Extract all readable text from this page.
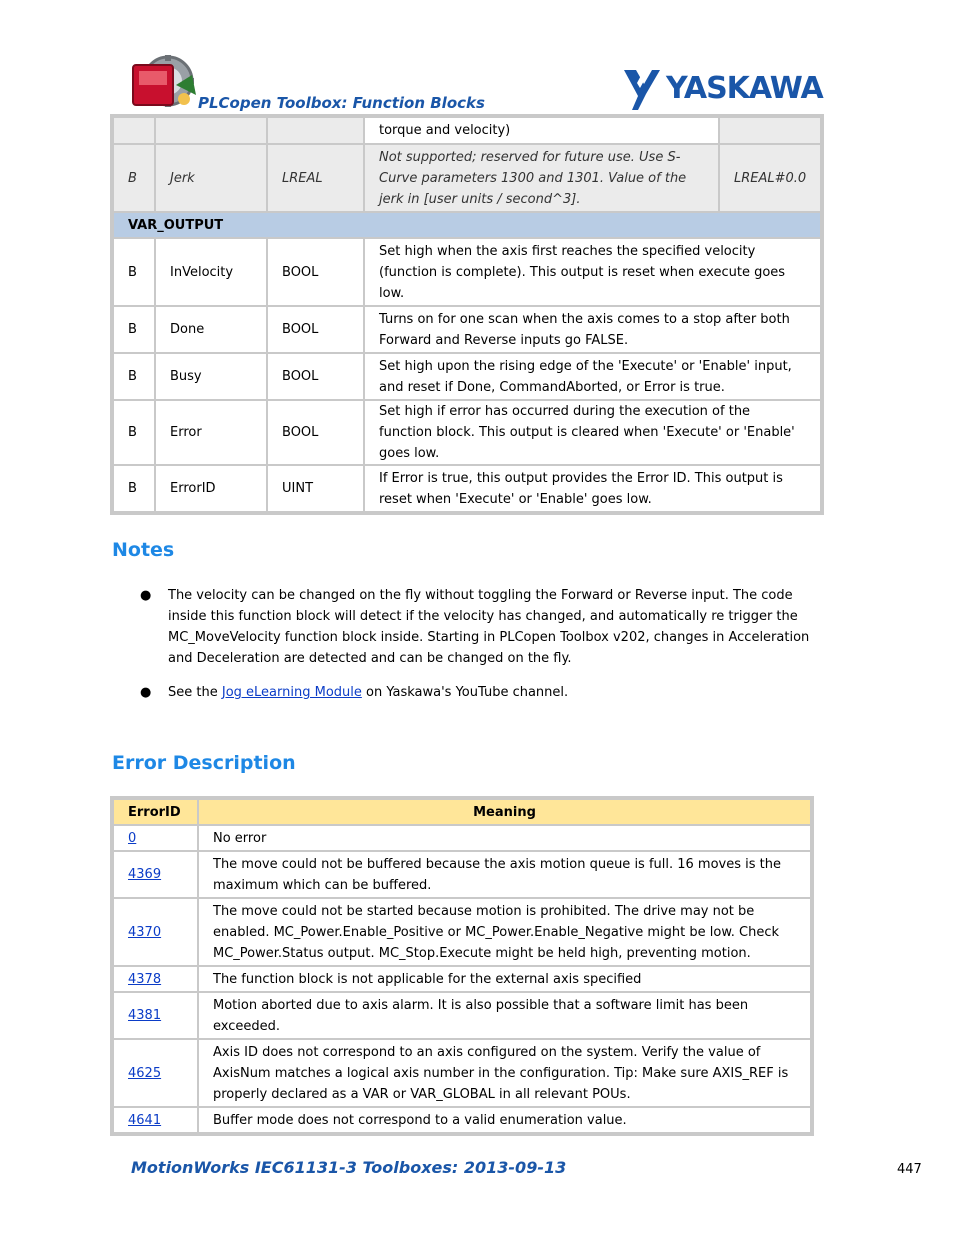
PLCopen Toolbox: Function Blocks	YASKAWA
			torque and velocity)	
B	Jerk	LREAL	Not supported; reserved for future use. Use S-Curve parameters 1300 and 1301. Value of the jerk in [user units / second^3].	LREAL#0.0
VAR_OUTPUT				
B	InVelocity	BOOL	Set high when the axis first reaches the specified velocity (function is complete). This output is reset when execute goes low.	
B	Done	BOOL	Turns on for one scan when the axis comes to a stop after both Forward and Reverse inputs go FALSE.	
B	Busy	BOOL	Set high upon the rising edge of the 'Execute' or 'Enable' input, and reset if Done, CommandAborted, or Error is true.	
B	Error	BOOL	Set high if error has occurred during the execution of the function block. This output is cleared when 'Execute' or 'Enable' goes low.	
B	ErrorID	UINT	If Error is true, this output provides the Error ID. This output is reset when 'Execute' or 'Enable' goes low.	
Notes

● The velocity can be changed on the fly without toggling the Forward or Reverse input. The code inside this function block will detect if the velocity has changed, and automatically re trigger the MC_MoveVelocity function block inside. Starting in PLCopen Toolbox v202, changes in Acceleration and Deceleration are detected and can be changed on the fly.

● See the Jog eLearning Module on Yaskawa's YouTube channel.

Error Description
ErrorID	Meaning
0	No error
4369	The move could not be buffered because the axis motion queue is full. 16 moves is the maximum which can be buffered.
4370	The move could not be started because motion is prohibited. The drive may not be enabled. MC_Power.Enable_Positive or MC_Power.Enable_Negative might be low. Check MC_Power.Status output. MC_Stop.Execute might be held high, preventing motion.
4378	The function block is not applicable for the external axis specified
4381	Motion aborted due to axis alarm. It is also possible that a software limit has been exceeded.
4625	Axis ID does not correspond to an axis configured on the system. Verify the value of AxisNum matches a logical axis number in the configuration. Tip: Make sure AXIS_REF is properly declared as a VAR or VAR_GLOBAL in all relevant POUs.
4641	Buffer mode does not correspond to a valid enumeration value.
MotionWorks IEC61131-3 Toolboxes: 2013-09-13	447
